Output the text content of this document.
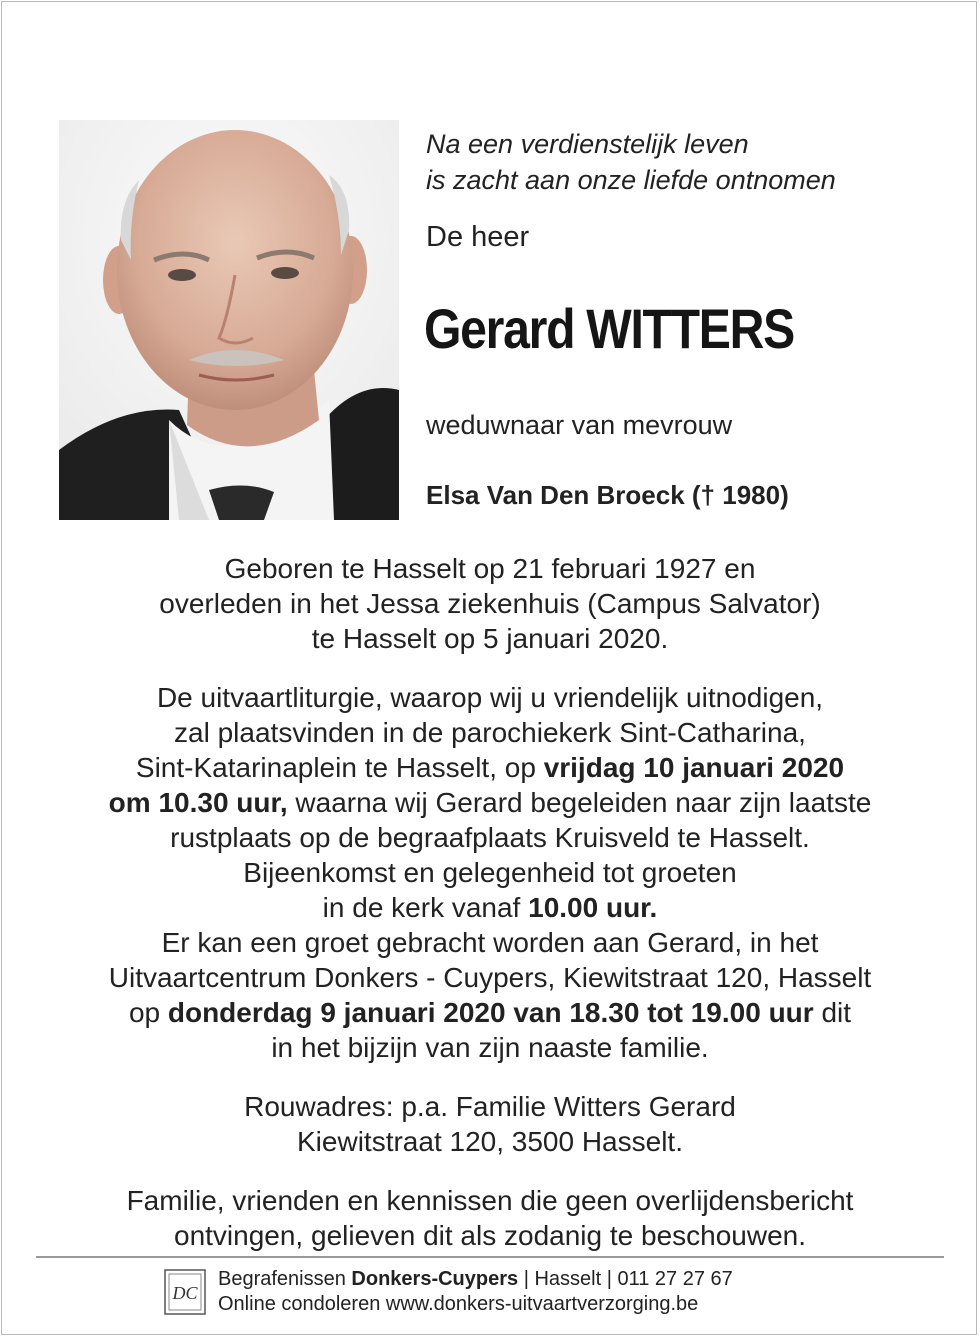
Na een verdienstelijk leven
is zacht aan onze liefde ontnomen
De heer
Gerard WITTERS
weduwnaar van mevrouw
Elsa Van Den Broeck († 1980)
Geboren te Hasselt op 21 februari 1927 en
overleden in het Jessa ziekenhuis (Campus Salvator)
te Hasselt op 5 januari 2020.
De uitvaartliturgie, waarop wij u vriendelijk uitnodigen,
zal plaatsvinden in de parochiekerk Sint-Catharina,
Sint-Katarinaplein te Hasselt, op vrijdag 10 januari 2020
om 10.30 uur, waarna wij Gerard begeleiden naar zijn laatste
rustplaats op de begraafplaats Kruisveld te Hasselt.
Bijeenkomst en gelegenheid tot groeten
in de kerk vanaf 10.00 uur.
Er kan een groet gebracht worden aan Gerard, in het
Uitvaartcentrum Donkers - Cuypers, Kiewitstraat 120, Hasselt
op donderdag 9 januari 2020 van 18.30 tot 19.00 uur dit
in het bijzijn van zijn naaste familie.
Rouwadres: p.a. Familie Witters Gerard
Kiewitstraat 120, 3500 Hasselt.
Familie, vrienden en kennissen die geen overlijdensbericht
ontvingen, gelieven dit als zodanig te beschouwen.
DC
Begrafenissen Donkers-Cuypers | Hasselt | 011 27 27 67
Online condoleren www.donkers-uitvaartverzorging.be
